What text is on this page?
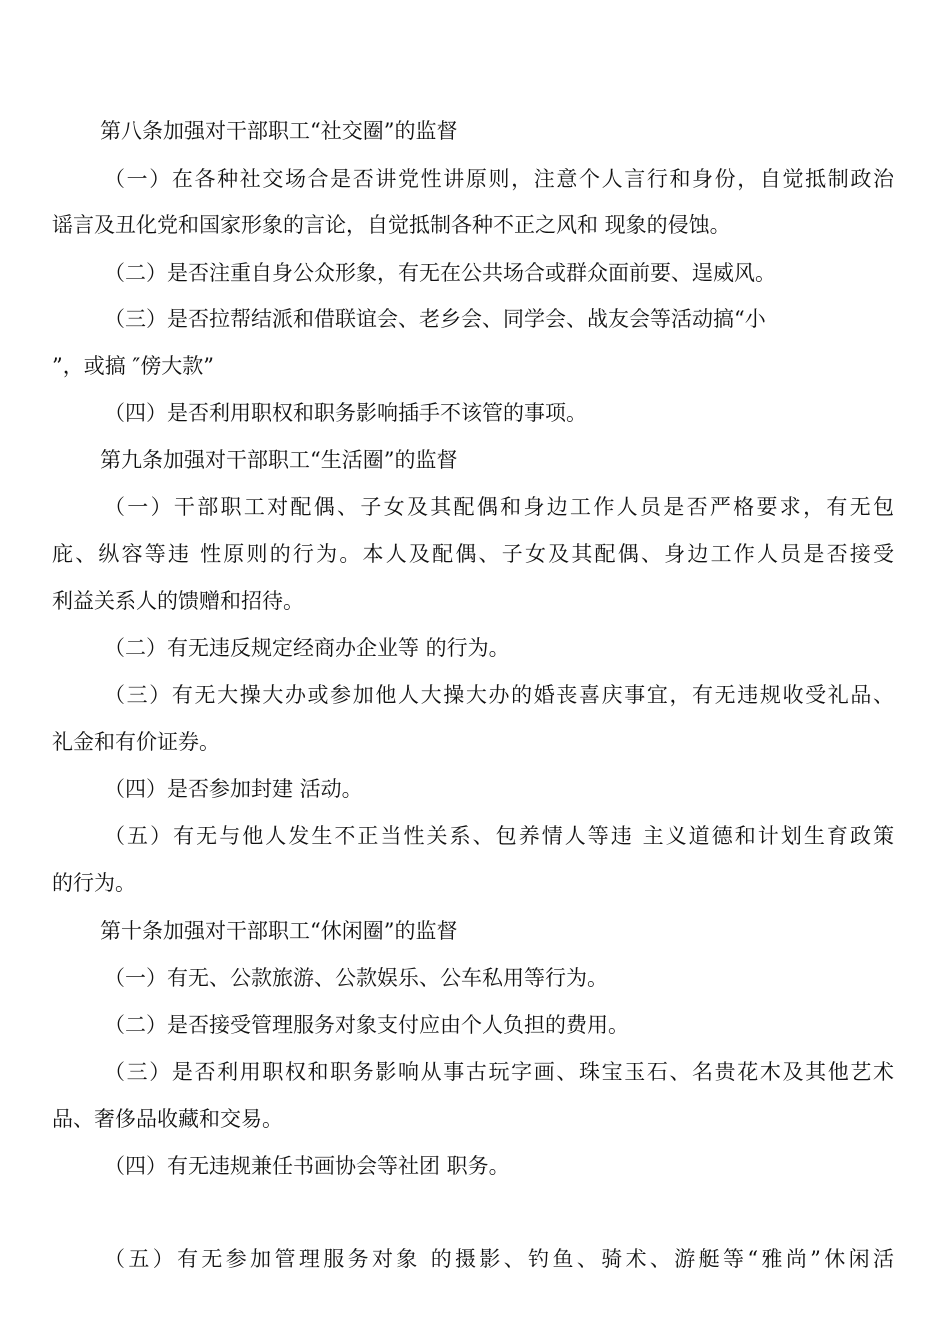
第八条加强对干部职工“社交圈”的监督
（一）在各种社交场合是否讲党性讲原则，注意个人言行和身份，自觉抵制政治
谣言及丑化党和国家形象的言论，自觉抵制各种不正之风和 现象的侵蚀。
（二）是否注重自身公众形象，有无在公共场合或群众面前要、逞威风。
（三）是否拉帮结派和借联谊会、老乡会、同学会、战友会等活动搞“小
”，或搞 ″傍大款”
（四）是否利用职权和职务影响插手不该管的事项。
第九条加强对干部职工“生活圈”的监督
（一）干部职工对配偶、子女及其配偶和身边工作人员是否严格要求，有无包
庇、纵容等违 性原则的行为。本人及配偶、子女及其配偶、身边工作人员是否接受
利益关系人的馈赠和招待。
（二）有无违反规定经商办企业等 的行为。
（三）有无大操大办或参加他人大操大办的婚丧喜庆事宜，有无违规收受礼品、
礼金和有价证券。
（四）是否参加封建 活动。
（五）有无与他人发生不正当性关系、包养情人等违 主义道德和计划生育政策
的行为。
第十条加强对干部职工“休闲圈”的监督
（一）有无、公款旅游、公款娱乐、公车私用等行为。
（二）是否接受管理服务对象支付应由个人负担的费用。
（三）是否利用职权和职务影响从事古玩字画、珠宝玉石、名贵花木及其他艺术
品、奢侈品收藏和交易。
（四）有无违规兼任书画协会等社团 职务。
（五）有无参加管理服务对象 的摄影、钓鱼、骑术、游艇等“雅尚”休闲活
